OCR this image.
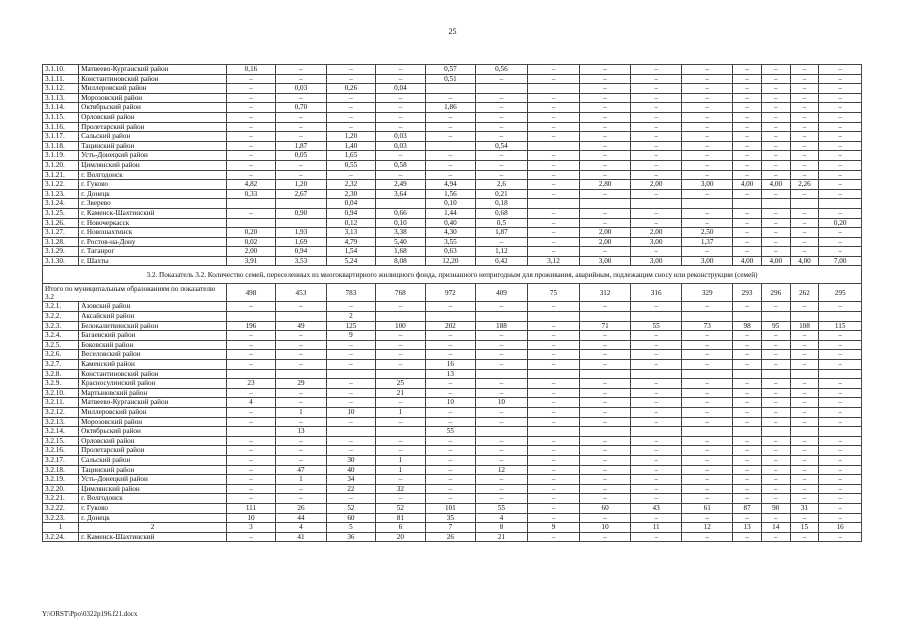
25
3.1.10.	Матвеево-Курганский район	0,16	–	–	–	0,57	0,56	–	–	–	–	–	–	–	–
3.1.11.	Константиновский район	–	–	–	–	0,51	–	–	–	–	–	–	–	–	–
3.1.12.	Миллеровский район	–	0,03	0,26	0,04				–	–	–	–	–	–	–
3.1.13.	Морозовский район	–	–	–	–	–	–	–	–	–	–	–	–	–	–
3.1.14.	Октябрьский район	–	0,70	–	–	1,86	–	–	–	–	–	–	–	–	–
3.1.15.	Орловский район	–	–	–	–	–	–	–	–	–	–	–	–	–	–
3.1.16.	Пролетарский район	–	–	–	–	–	–	–	–	–	–	–	–	–	–
3.1.17.	Сальский район	–	–	1,20	0,03	–	–	–	–	–	–	–	–	–	–
3.1.18.	Тацинский район	–	1,87	1,40	0,03		0,54		–	–	–	–	–	–	–
3.1.19.	Усть-Донецкий район	–	0,05	1,65	–	–	–	–	–	–	–	–	–	–	–
3.1.20.	Цимлянский район	–	–	0,55	0,58	–	–	–	–	–	–	–	–	–	–
3.1.21.	г. Волгодонск	–	–	–	–	–	–	–	–	–	–	–	–	–	–
3.1.22.	г. Гуково	4,82	1,20	2,32	2,49	4,94	2,6	–	2,80	2,00	3,00	4,00	4,00	2,26	–
3.1.23.	г. Донецк	0,33	2,67	2,30	3,64	1,56	0,21	–	–	–	–	–	–	–	–
3.1.24.	г. Зверево			0,04		0,10	0,18								
3.1.25.	г. Каменск-Шахтинский	–	0,90	0,94	0,66	1,44	0,68	–	–	–	–	–	–	–	–
3.1.26.	г. Новочеркасск			0,12	0,10	0,40	0,5	–	–	–	–	–	–	–	0,20
3.1.27.	г. Новошахтинск	0,20	1,93	3,13	3,38	4,30	1,87	–	2,00	2,00	2,50	–	–	–	–
3.1.28.	г. Ростов-на-Дону	0,02	1,69	4,79	5,40	3,55	–	–	2,00	3,00	1,37	–	–	–	–
3.1.29.	г. Таганрог	2,00	0,94	1,54	1,68	0,63	1,12	–	–	–	–	–	–	–	–
3.1.30.	г. Шахты	3,91	3,53	5,24	8,08	12,20	0,42	3,12	3,00	3,00	3,00	4,00	4,00	4,00	7,00
3.2. Показатель 3.2. Количество семей, переселенных из многоквартирного жилищного фонда, признанного непригодным для проживания, аварийным, подлежащим сносу или реконструкции (семей)															
Итого по муниципальным образованиям по показателю 3.2		498	453	783	768	972	409	75	312	316	329	293	296	262	295
3.2.1.	Азовский район	–	–	–	–	–	–	–	–	–	–	–	–	–	–
3.2.2.	Аксайский район			2											
3.2.3.	Белокалитвинский район	196	49	125	100	202	188	–	71	55	73	98	95	108	115
3.2.4.	Багаевский район	–	–	9	–	–	–	–	–	–	–	–	–	–	–
3.2.5.	Боковский район	–	–	–	–	–	–	–	–	–	–	–	–	–	–
3.2.6.	Веселовский район	–	–	–	–	–	–	–	–	–	–	–	–	–	–
3.2.7.	Каменский район	–	–	–	–	16	–	–	–	–	–	–	–	–	–
3.2.8.	Константиновский район					13									
3.2.9.	Красносулинский район	23	29	–	25	–	–	–	–	–	–	–	–	–	–
3.2.10.	Мартыновский район	–	–	–	21	–	–	–	–	–	–	–	–	–	–
3.2.11.	Матвеево-Курганский район	4	–	–	–	10	10	–	–	–	–	–	–	–	–
3.2.12.	Миллеровский район	–	1	10	1	–	–	–	–	–	–	–	–	–	–
3.2.13.	Морозовский район	–	–	–	–	–	–	–	–	–	–	–	–	–	–
3.2.14.	Октябрьский район		13			55									
3.2.15.	Орловский район	–	–	–	–	–	–	–	–	–	–	–	–	–	–
3.2.16.	Пролетарский район	–	–	–	–	–	–	–	–	–	–	–	–	–	–
3.2.17.	Сальский район	–	–	30	1	–	–	–	–	–	–	–	–	–	–
3.2.18.	Тацинский район	–	47	40	1	–	12	–	–	–	–	–	–	–	–
3.2.19.	Усть-Донецкий район	–	1	34	–	–	–	–	–	–	–	–	–	–	–
3.2.20.	Цимлянский район	–	–	22	32	–	–	–	–	–	–	–	–	–	–
3.2.21.	г. Волгодонск	–	–	–	–	–	–	–	–	–	–	–	–	–	–
3.2.22.	г. Гуково	111	26	52	52	101	55	–	60	43	61	87	90	31	–
3.2.23.	г. Донецк	10	44	60	81	35	4	–	–	–	–	–	–	–	–
1	2	3	4	5	6	7	8	9	10	11	12	13	14	15	16
3.2.24.	г. Каменск-Шахтинский	–	41	36	20	26	21	–	–	–	–	–	–	–	–
Y:\ORST\Ppo\0322p196.f21.docx
